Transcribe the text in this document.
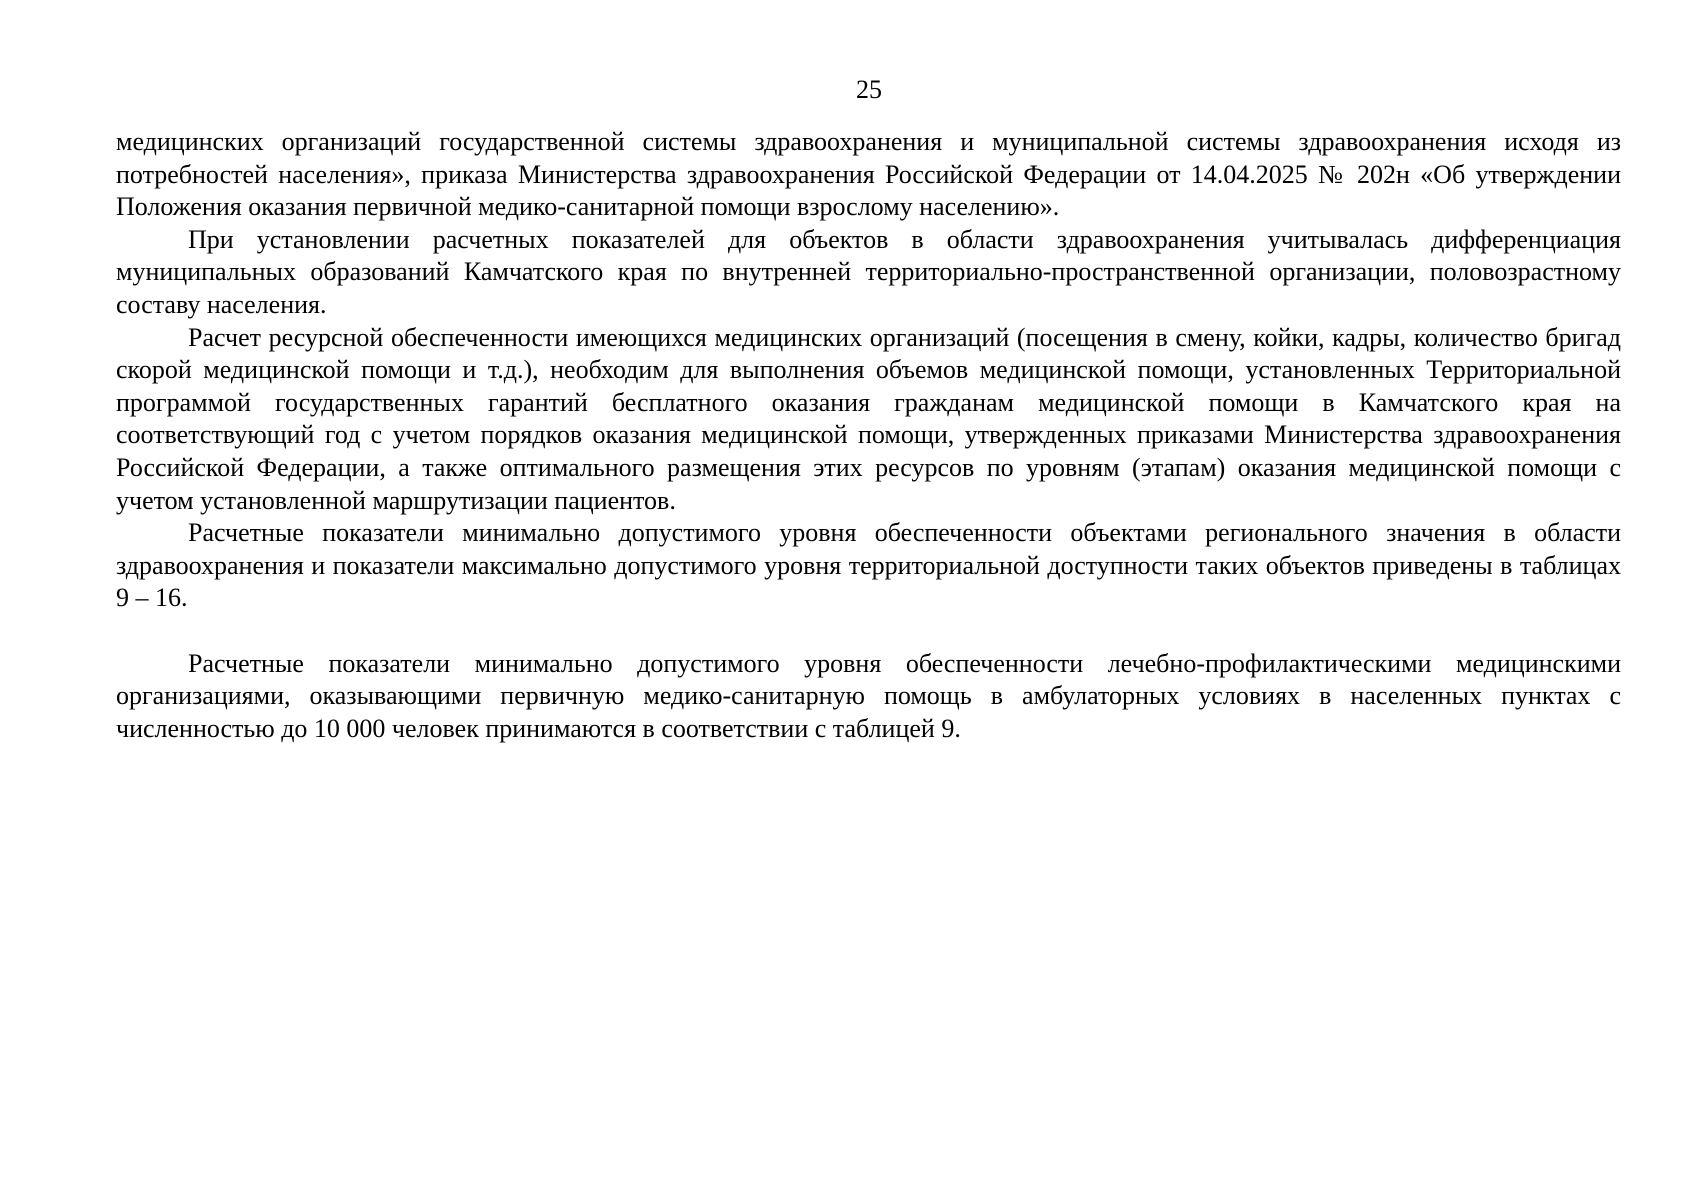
25

медицинских организаций государственной системы здравоохранения и муниципальной системы здравоохранения исходя из потребностей населения», приказа Министерства здравоохранения Российской Федерации от 14.04.2025 № 202н «Об утверждении Положения оказания первичной медико-санитарной помощи взрослому населению».

При установлении расчетных показателей для объектов в области здравоохранения учитывалась дифференциация муниципальных образований Камчатского края по внутренней территориально-пространственной организации, половозрастному составу населения.

Расчет ресурсной обеспеченности имеющихся медицинских организаций (посещения в смену, койки, кадры, количество бригад скорой медицинской помощи и т.д.), необходим для выполнения объемов медицинской помощи, установленных Территориальной программой государственных гарантий бесплатного оказания гражданам медицинской помощи в Камчатского края на соответствующий год с учетом порядков оказания медицинской помощи, утвержденных приказами Министерства здравоохранения Российской Федерации, а также оптимального размещения этих ресурсов по уровням (этапам) оказания медицинской помощи с учетом установленной маршрутизации пациентов.

Расчетные показатели минимально допустимого уровня обеспеченности объектами регионального значения в области здравоохранения и показатели максимально допустимого уровня территориальной доступности таких объектов приведены в таблицах 9 – 16.

Расчетные показатели минимально допустимого уровня обеспеченности лечебно-профилактическими медицинскими организациями, оказывающими первичную медико-санитарную помощь в амбулаторных условиях в населенных пунктах с численностью до 10 000 человек принимаются в соответствии с таблицей 9.
